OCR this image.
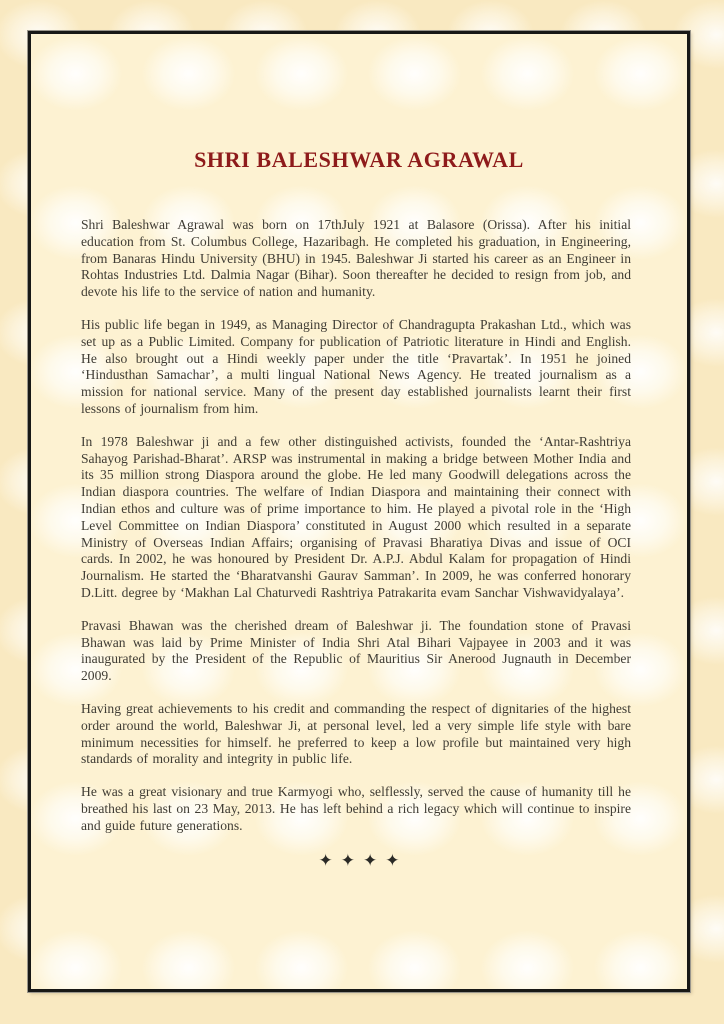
SHRI BALESHWAR AGRAWAL

Shri Baleshwar Agrawal was born on 17thJuly 1921 at Balasore (Orissa). After his initial education from St. Columbus College, Hazaribagh. He completed his graduation, in Engineering, from Banaras Hindu University (BHU) in 1945. Baleshwar Ji started his career as an Engineer in Rohtas Industries Ltd. Dalmia Nagar (Bihar). Soon thereafter he decided to resign from job, and devote his life to the service of nation and humanity.

His public life began in 1949, as Managing Director of Chandragupta Prakashan Ltd., which was set up as a Public Limited. Company for publication of Patriotic literature in Hindi and English. He also brought out a Hindi weekly paper under the title ‘Pravartak’. In 1951 he joined ‘Hindusthan Samachar’, a multi lingual National News Agency. He treated journalism as a mission for national service. Many of the present day established journalists learnt their first lessons of journalism from him.

In 1978 Baleshwar ji and a few other distinguished activists, founded the ‘Antar-Rashtriya Sahayog Parishad-Bharat’. ARSP was instrumental in making a bridge between Mother India and its 35 million strong Diaspora around the globe. He led many Goodwill delegations across the Indian diaspora countries. The welfare of Indian Diaspora and maintaining their connect with Indian ethos and culture was of prime importance to him. He played a pivotal role in the ‘High Level Committee on Indian Diaspora’ constituted in August 2000 which resulted in a separate Ministry of Overseas Indian Affairs; organising of Pravasi Bharatiya Divas and issue of OCI cards. In 2002, he was honoured by President Dr. A.P.J. Abdul Kalam for propagation of Hindi Journalism. He started the ‘Bharatvanshi Gaurav Samman’. In 2009, he was conferred honorary D.Litt. degree by ‘Makhan Lal Chaturvedi Rashtriya Patrakarita evam Sanchar Vishwavidyalaya’.

Pravasi Bhawan was the cherished dream of Baleshwar ji. The foundation stone of Pravasi Bhawan was laid by Prime Minister of India Shri Atal Bihari Vajpayee in 2003 and it was inaugurated by the President of the Republic of Mauritius Sir Anerood Jugnauth in December 2009.

Having great achievements to his credit and commanding the respect of dignitaries of the highest order around the world, Baleshwar Ji, at personal level, led a very simple life style with bare minimum necessities for himself. he preferred to keep a low profile but maintained very high standards of morality and integrity in public life.

He was a great visionary and true Karmyogi who, selflessly, served the cause of humanity till he breathed his last on 23 May, 2013. He has left behind a rich legacy which will continue to inspire and guide future generations.

✦✦✦✦
